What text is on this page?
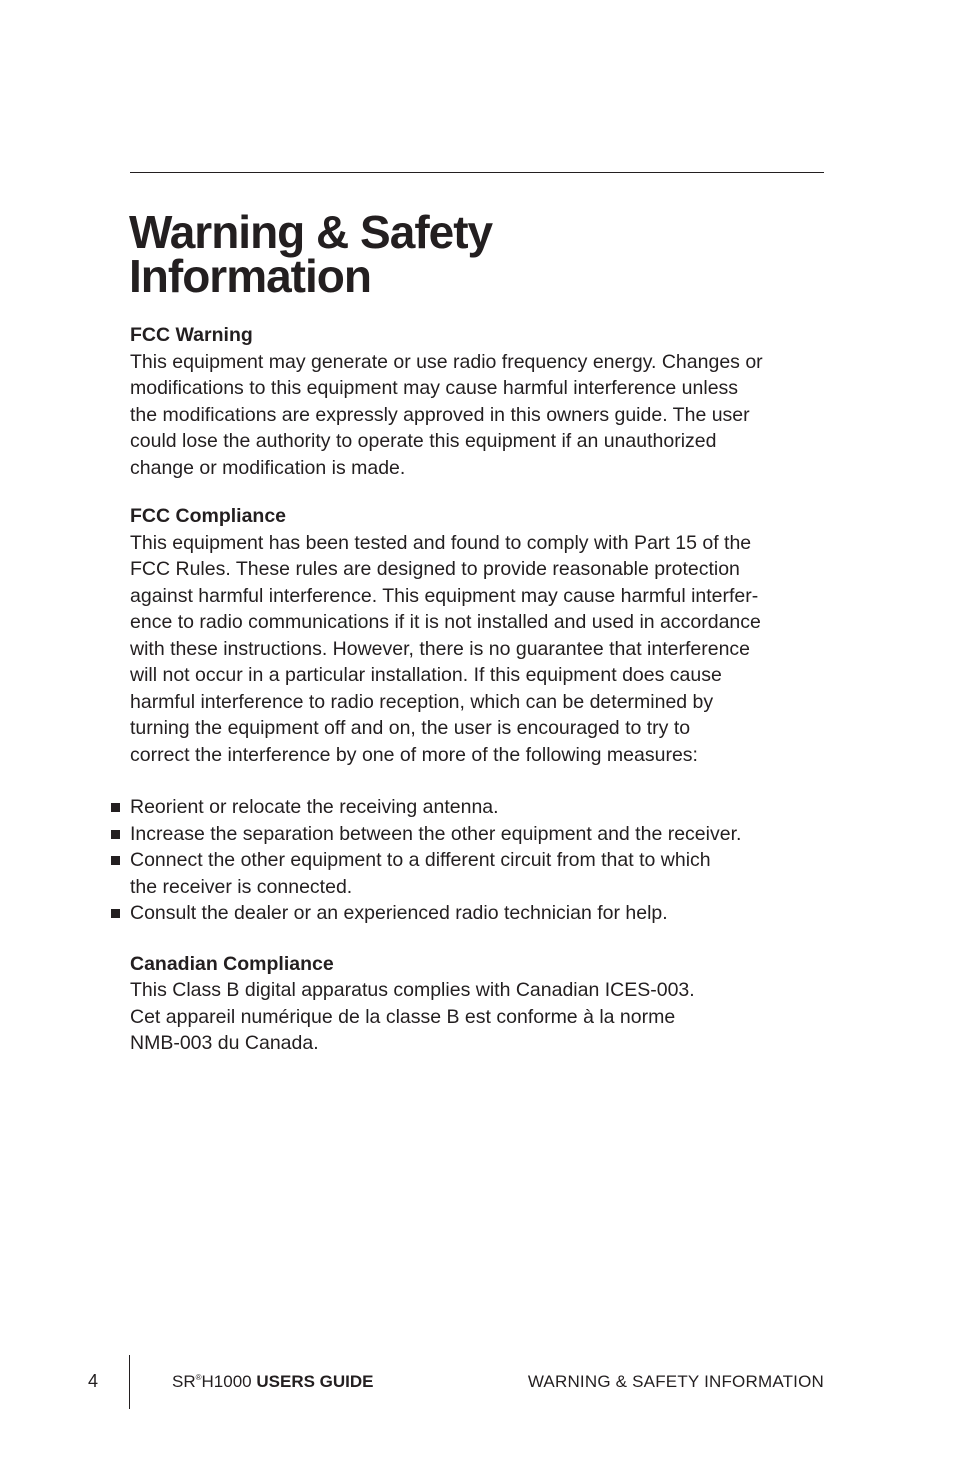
Warning & Safety
Information

FCC Warning

This equipment may generate or use radio frequency energy. Changes or
modifications to this equipment may cause harmful interference unless
the modifications are expressly approved in this owners guide. The user
could lose the authority to operate this equipment if an unauthorized
change or modification is made.

FCC Compliance

This equipment has been tested and found to comply with Part 15 of the
FCC Rules. These rules are designed to provide reasonable protection
against harmful interference. This equipment may cause harmful interfer-
ence to radio communications if it is not installed and used in accordance
with these instructions. However, there is no guarantee that interference
will not occur in a particular installation. If this equipment does cause
harmful interference to radio reception, which can be determined by
turning the equipment off and on, the user is encouraged to try to
correct the interference by one of more of the following measures:

Reorient or relocate the receiving antenna.
Increase the separation between the other equipment and the receiver.
Connect the other equipment to a different circuit from that to which
the receiver is connected.
Consult the dealer or an experienced radio technician for help.

Canadian Compliance

This Class B digital apparatus complies with Canadian ICES-003.
Cet appareil numérique de la classe B est conforme à la norme
NMB-003 du Canada.

4	SR®H1000 USERS GUIDE	WARNING & SAFETY INFORMATION
